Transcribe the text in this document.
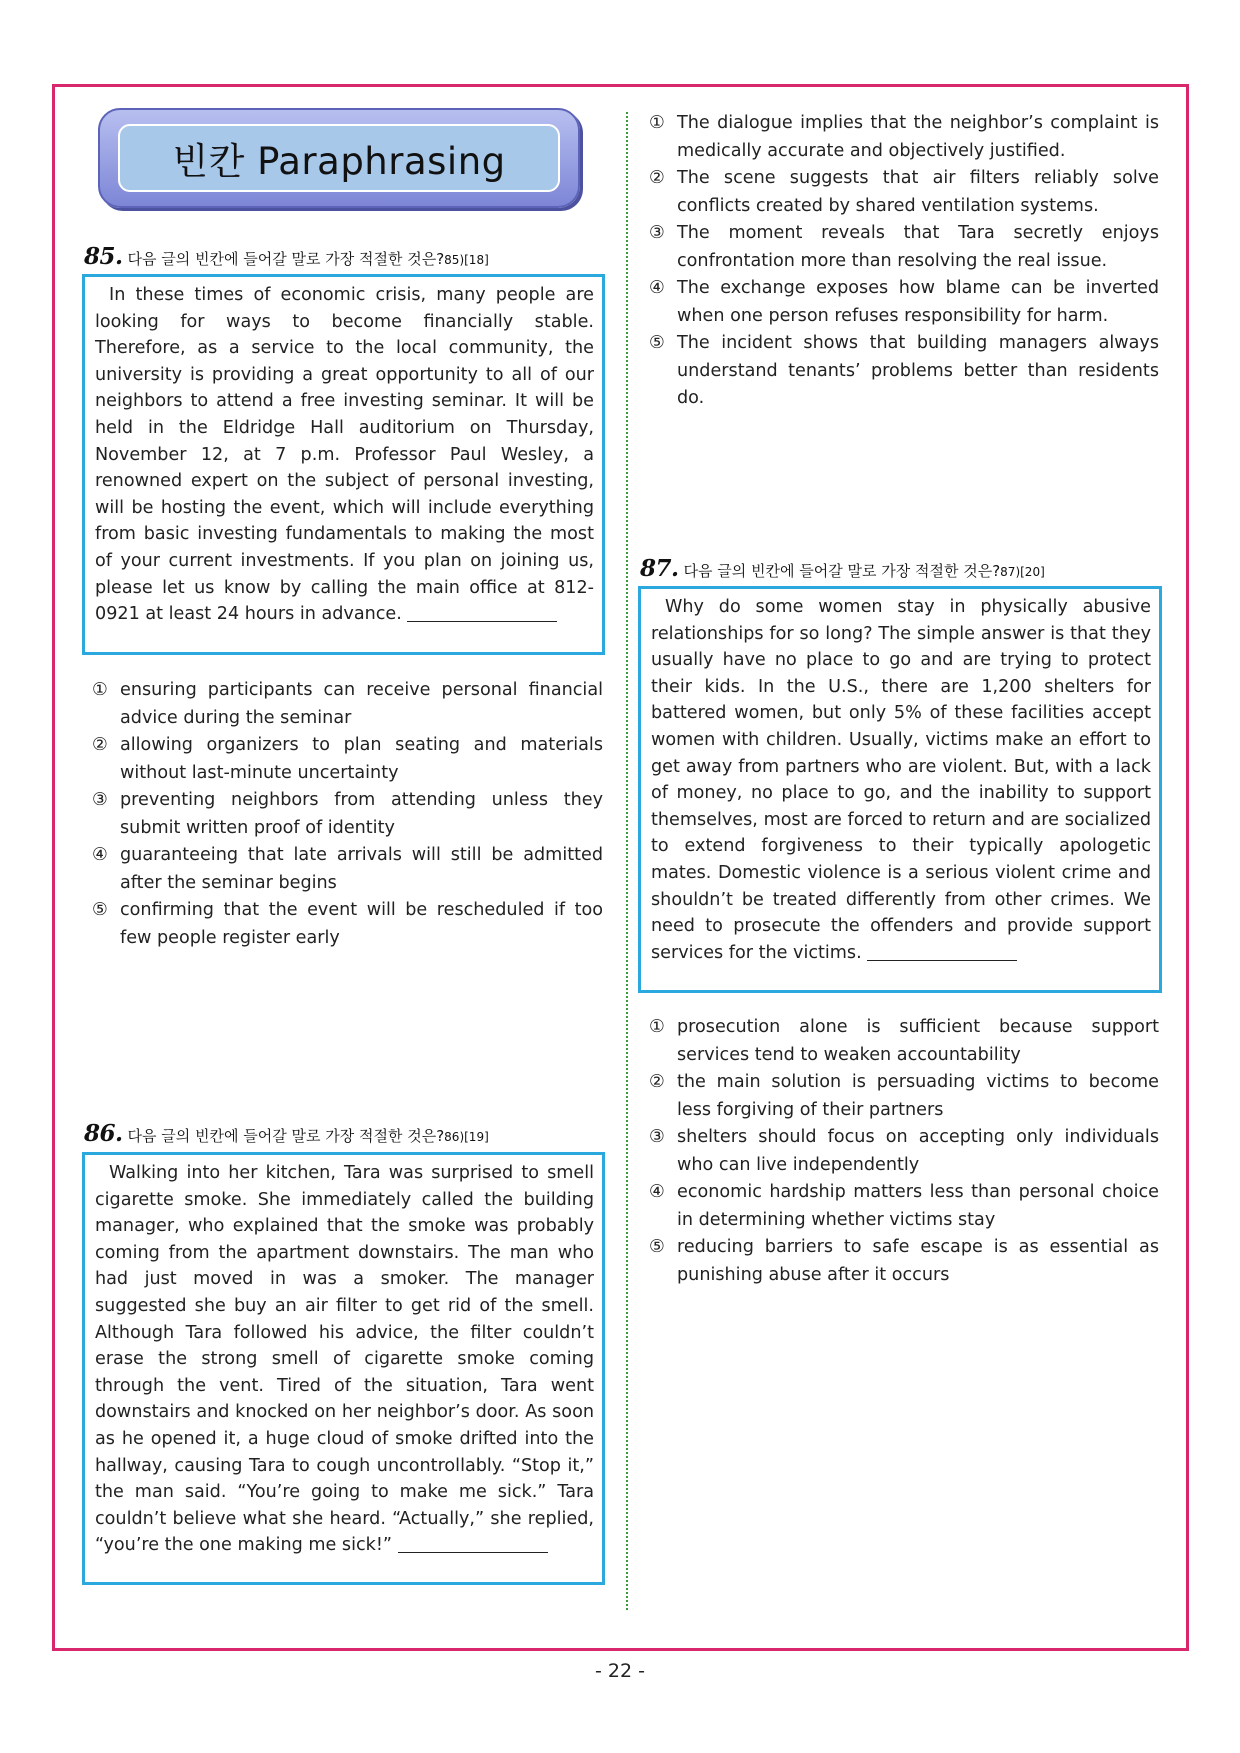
빈칸 Paraphrasing
85. 다음 글의 빈칸에 들어갈 말로 가장 적절한 것은? 85)[18]

In these times of economic crisis, many people are looking for ways to become financially stable. Therefore, as a service to the local community, the university is providing a great opportunity to all of our neighbors to attend a free investing seminar. It will be held in the Eldridge Hall auditorium on Thursday, November 12, at 7 p.m. Professor Paul Wesley, a renowned expert on the subject of personal investing, will be hosting the event, which will include everything from basic investing fundamentals to making the most of your current investments. If you plan on joining us, please let us know by calling the main office at 812-0921 at least 24 hours in advance.

① ensuring participants can receive personal financial advice during the seminar
② allowing organizers to plan seating and materials without last-minute uncertainty
③ preventing neighbors from attending unless they submit written proof of identity
④ guaranteeing that late arrivals will still be admitted after the seminar begins
⑤ confirming that the event will be rescheduled if too few people register early
86. 다음 글의 빈칸에 들어갈 말로 가장 적절한 것은? 86)[19]

Walking into her kitchen, Tara was surprised to smell cigarette smoke. She immediately called the building manager, who explained that the smoke was probably coming from the apartment downstairs. The man who had just moved in was a smoker. The manager suggested she buy an air filter to get rid of the smell. Although Tara followed his advice, the filter couldn’t erase the strong smell of cigarette smoke coming through the vent. Tired of the situation, Tara went downstairs and knocked on her neighbor’s door. As soon as he opened it, a huge cloud of smoke drifted into the hallway, causing Tara to cough uncontrollably. “Stop it,” the man said. “You’re going to make me sick.” Tara couldn’t believe what she heard. “Actually,” she replied, “you’re the one making me sick!”

① The dialogue implies that the neighbor’s complaint is medically accurate and objectively justified.
② The scene suggests that air filters reliably solve conflicts created by shared ventilation systems.
③ The moment reveals that Tara secretly enjoys confrontation more than resolving the real issue.
④ The exchange exposes how blame can be inverted when one person refuses responsibility for harm.
⑤ The incident shows that building managers always understand tenants’ problems better than residents do.
87. 다음 글의 빈칸에 들어갈 말로 가장 적절한 것은? 87)[20]

Why do some women stay in physically abusive relationships for so long? The simple answer is that they usually have no place to go and are trying to protect their kids. In the U.S., there are 1,200 shelters for battered women, but only 5% of these facilities accept women with children. Usually, victims make an effort to get away from partners who are violent. But, with a lack of money, no place to go, and the inability to support themselves, most are forced to return and are socialized to extend forgiveness to their typically apologetic mates. Domestic violence is a serious violent crime and shouldn’t be treated differently from other crimes. We need to prosecute the offenders and provide support services for the victims.

① prosecution alone is sufficient because support services tend to weaken accountability
② the main solution is persuading victims to become less forgiving of their partners
③ shelters should focus on accepting only individuals who can live independently
④ economic hardship matters less than personal choice in determining whether victims stay
⑤ reducing barriers to safe escape is as essential as punishing abuse after it occurs
- 22 -
